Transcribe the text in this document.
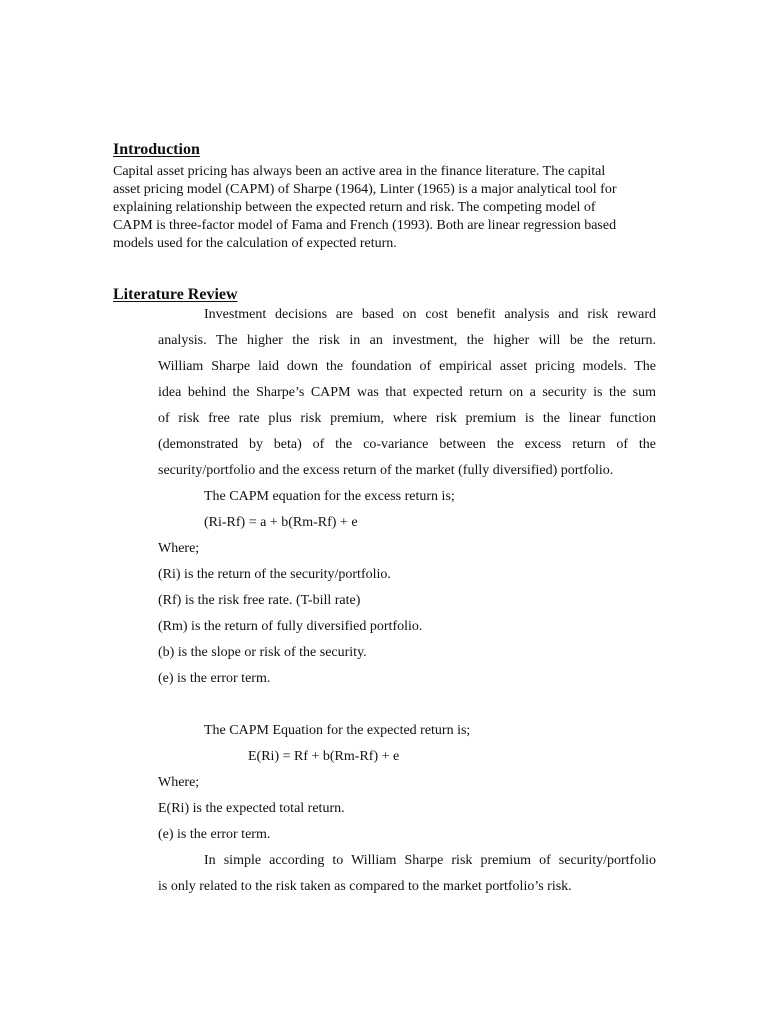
Introduction

Capital asset pricing has always been an active area in the finance literature. The capital
asset pricing model (CAPM) of Sharpe (1964), Linter (1965) is a major analytical tool for
explaining relationship between the expected return and risk. The competing model of
CAPM is three-factor model of Fama and French (1993). Both are linear regression based
models used for the calculation of expected return.

Literature Review
Investment decisions are based on cost benefit analysis and risk reward
analysis. The higher the risk in an investment, the higher will be the return.
William Sharpe laid down the foundation of empirical asset pricing models. The
idea behind the Sharpe’s CAPM was that expected return on a security is the sum
of risk free rate plus risk premium, where risk premium is the linear function
(demonstrated by beta) of the co-variance between the excess return of the
security/portfolio and the excess return of the market (fully diversified) portfolio.
The CAPM equation for the excess return is;
(Ri-Rf) = a + b(Rm-Rf) + e
Where;
(Ri) is the return of the security/portfolio.
(Rf) is the risk free rate. (T-bill rate)
(Rm) is the return of fully diversified portfolio.
(b) is the slope or risk of the security.
(e) is the error term.
The CAPM Equation for the expected return is;
E(Ri) = Rf + b(Rm-Rf) + e
Where;
E(Ri) is the expected total return.
(e) is the error term.
In simple according to William Sharpe risk premium of security/portfolio
is only related to the risk taken as compared to the market portfolio’s risk.
